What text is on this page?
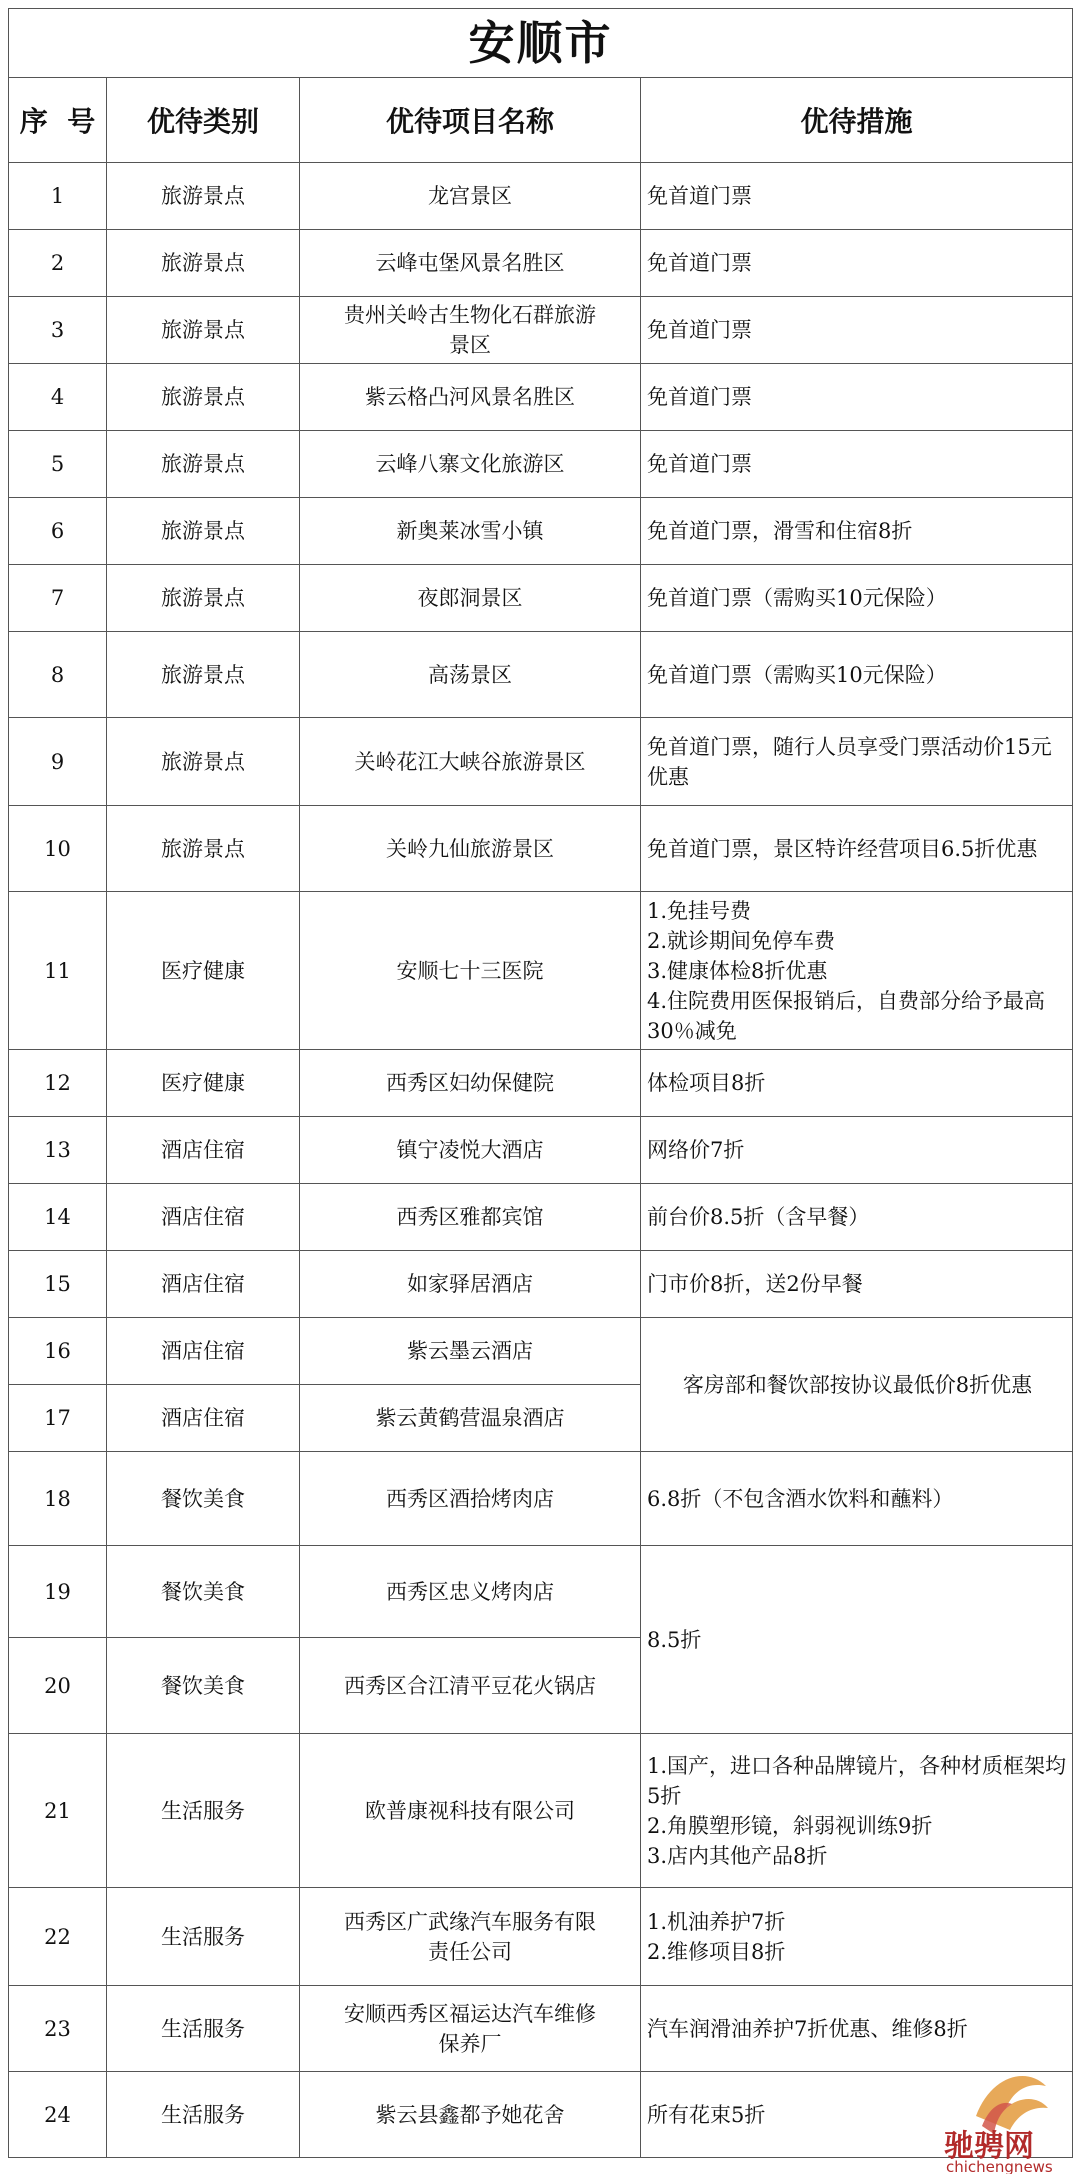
安顺市			
序  号	优待类别	优待项目名称	优待措施
1	旅游景点	龙宫景区	免首道门票
2	旅游景点	云峰屯堡风景名胜区	免首道门票
3	旅游景点	贵州关岭古生物化石群旅游景区	免首道门票
4	旅游景点	紫云格凸河风景名胜区	免首道门票
5	旅游景点	云峰八寨文化旅游区	免首道门票
6	旅游景点	新奥莱冰雪小镇	免首道门票，滑雪和住宿8折
7	旅游景点	夜郎洞景区	免首道门票（需购买10元保险）
8	旅游景点	高荡景区	免首道门票（需购买10元保险）
9	旅游景点	关岭花江大峡谷旅游景区	免首道门票，随行人员享受门票活动价15元优惠
10	旅游景点	关岭九仙旅游景区	免首道门票，景区特许经营项目6.5折优惠
11	医疗健康	安顺七十三医院	1.免挂号费
2.就诊期间免停车费
3.健康体检8折优惠
4.住院费用医保报销后，自费部分给予最高30％减免
12	医疗健康	西秀区妇幼保健院	体检项目8折
13	酒店住宿	镇宁凌悦大酒店	网络价7折
14	酒店住宿	西秀区雅都宾馆	前台价8.5折（含早餐）
15	酒店住宿	如家驿居酒店	门市价8折，送2份早餐
16	酒店住宿	紫云墨云酒店	客房部和餐饮部按协议最低价8折优惠
17	酒店住宿	紫云黄鹤营温泉酒店	
18	餐饮美食	西秀区酒拾烤肉店	6.8折（不包含酒水饮料和蘸料）
19	餐饮美食	西秀区忠义烤肉店	8.5折
20	餐饮美食	西秀区合江清平豆花火锅店	
21	生活服务	欧普康视科技有限公司	1.国产，进口各种品牌镜片，各种材质框架均5折
2.角膜塑形镜，斜弱视训练9折
3.店内其他产品8折
22	生活服务	西秀区广武缘汽车服务有限责任公司	1.机油养护7折
2.维修项目8折
23	生活服务	安顺西秀区福运达汽车维修保养厂	汽车润滑油养护7折优惠、维修8折
24	生活服务	紫云县鑫都予她花舍	所有花束5折
驰骋网
chichengnews
